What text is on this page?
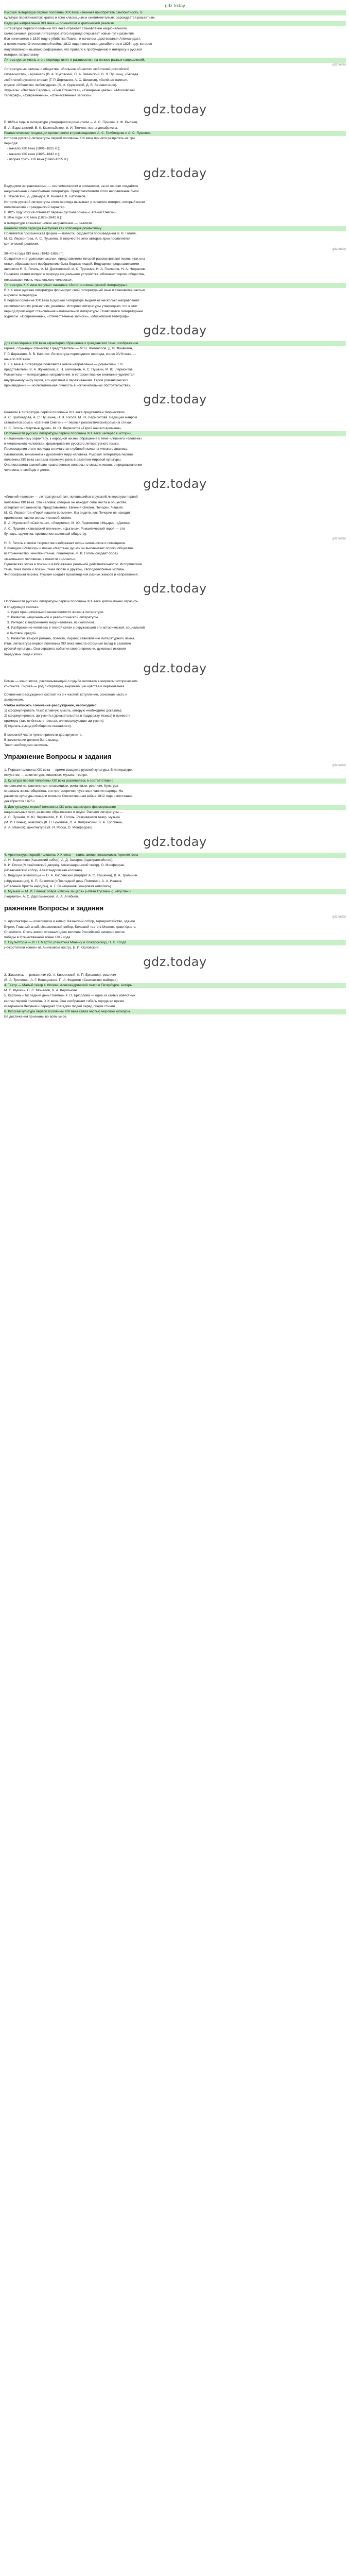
gdz.today
Русская литература первой половины XIX века начинает приобретать самобытность. В
культуре перекликается: кратко и ясно классицизм и сентиментализм, зарождается романтизм.
Ведущее направление XIX века — романтизм и критический реализм.
Литература первой половины XIX века отражает становление национального
самосознания; русская литература этого периода открывает новые пути развития.
Вся начинается в 1820 году с убийства Павла I и началом царствования Александра I,
а потом после Отечественной войны 1812 года и восстания декабристов в 1825 году, которое
подготовлено и вызвано реформами, что привело к пробуждению и интересу к русской
истории, патриотизму.
Литературная жизнь этого периода кипит и развивается, на основе разных направлений.
gdz.today
Литературные салоны и общества: «Вольное общество любителей российской
словесности», «Арзамас» (В. А. Жуковский, П. А. Вяземский, В. Л. Пушкин), «Беседа
любителей русского слова» (Г. Р. Державин, А. С. Шишков), «Зелёная лампа»,
кружок «Общество любомудров» (В. Ф. Одоевский, Д. В. Веневитинов).
Журналы: «Вестник Европы», «Сын Отечества», «Северные цветы», «Московский
телеграф», «Современник», «Отечественные записки».
gdz.today
В 1820-е годы в литературе утверждается романтизм — А. С. Пушкин, К. Ф. Рылеев,
Е. А. Баратынский, В. К. Кюхельбекер, Ф. И. Тютчев, поэты-декабристы.
Реалистические тенденции проявляются в произведениях А. С. Грибоедова и А. С. Пушкина.
История русской литературы первой половины XIX века принято разделять на три
периода:
- начало XIX века (1801–1825 гг.);
- начало XIX века (1825–1842 гг.);
- вторая треть XIX века (1842–1855 гг.).
gdz.today
Ведущими направлениями — сентиментализм и романтизм, на их основе создаётся
национальная и самобытная литература. Представителями этого направления были
В. Жуковский, Д. Давыдов, К. Рылеев, К. Батюшков.
История русской литературы этого периода вызывает у читателя интерес, который носит
политический и гражданский характер.
В 1825 году Россия отмечает первый русский роман «Евгений Онегин».
В 20-е годы XIX века (1826–1842 гг.):
в литературе возникает новое направление — реализм.
Реализм этого периода выступает как оппозиция романтизму.
Появляется прозаическая форма — повесть; создаются произведения Н. В. Гоголя,
М. Ю. Лермонтова, А. С. Пушкина. В творчестве этих авторов ярко проявляется
критический реализм.
gdz.today
30–40-е годы XIX века (1842–1855 гг.):
Создаётся «натуральная школа», представители которой рассматривают жизнь «как она
есть», обращаются к изображению быта бедных людей. Ведущими представителями
являются Н. В. Гоголь, Ф. М. Достоевский, И. С. Тургенев, И. А. Гончаров, Н. А. Некрасов.
Писатели ставят вопрос о природе социального устройства, обличают пороки общества,
показывают жизнь «маленького человека».
Литература XIX века получает название «Золотого века русской литературы».
В XIX веке русская литература формирует свой литературный язык и становится частью
мировой литературы.
В первой половине XIX века в русской литературе выделяют несколько направлений:
сентиментализм, романтизм, реализм. Историки литературы утверждают, что в этот
период происходит становление национальной литературы. Появляются литературные
журналы: «Современник», «Отечественные записки», «Московский телеграф».
gdz.today
Для классицизма XIX века характерно обращение к гражданской теме, изображение
героев, служащих отечеству. Представители — М. В. Ломоносов, Д. И. Фонвизин,
Г. Р. Державин, В. В. Капнист. Литература переходного периода, конец XVIII века —
начало XIX века.
В XIX веке в литературе появляется новое направление — романтизм. Его
представители: В. А. Жуковский, К. Н. Батюшков, А. С. Пушкин, М. Ю. Лермонтов.
Романтизм — литературное направление, в котором главное внимание уделяется
внутреннему миру героя, его чувствам и переживаниям. Герой романтических
произведений — исключительная личность в исключительных обстоятельствах.
gdz.today
Реализм в литературе первой половины XIX века представлен творчеством
А. С. Грибоедова, А. С. Пушкина, Н. В. Гоголя, М. Ю. Лермонтова. Ведущим жанром
становится роман. «Евгений Онегин» — первый реалистический роман в стихах.
Н. В. Гоголь «Мёртвые души», М. Ю. Лермонтов «Герой нашего времени».
Особенности русской литературы первой половины XIX века: интерес к истории,
к национальному характеру, к народной жизни; обращение к теме «лишнего человека»
и «маленького человека»; формирование русского литературного языка.
Произведения этого периода отличаются глубиной психологического анализа,
гуманизмом, вниманием к духовному миру человека. Русская литература первой
половины XIX века сыграла огромную роль в развитии мировой культуры.
Она поставила важнейшие нравственные вопросы: о смысле жизни, о предназначении
человека, о свободе и долге.
gdz.today
«Лишний человек» — литературный тип, появившийся в русской литературе первой
половины XIX века. Это человек, который не находит себе места в обществе,
отвергает его ценности. Представители: Евгений Онегин, Печорин, Чацкий.
М. Ю. Лермонтов «Герой нашего времени». Вы видите, как Печорин не находит
применения своим силам и способностям.
В. А. Жуковский «Светлана», «Людмила». М. Ю. Лермонтов «Мцыри», «Демон».
А. С. Пушкин «Кавказский пленник», «Цыганы». Романтический герой — это
бунтарь, одиночка, противопоставленный обществу.
gdz.today
Н. В. Гоголь в своём творчестве изображает жизнь чиновников и помещиков.
В комедии «Ревизор» и поэме «Мёртвые души» он высмеивает пороки общества:
взяточничество, чинопочитание, лицемерие. Н. В. Гоголь создаёт образ
«маленького человека» в повести «Шинель».
Пушкинская эпоха в поэзии и изображении реальной действительности. Историческая
тема, тема поэта и поэзии, тема любви и дружбы, свободолюбивые мотивы.
Философская лирика. Пушкин создаёт произведения разных жанров и направлений.
gdz.today
Особенности русской литературы первой половины XIX века кратко можно отразить
в следующих тезисах:
1. Идея принципиальной независимости жизни в литературе.
2. Развитие национальной и реалистической литературы.
3. Интерес к внутреннему миру человека, психологизм.
4. Изображение человека в тесной связи с окружающей его исторической, социальной
и бытовой средой.
5. Развитие жанров романа, повести, лирики; становление литературного языка.
Итак, литература первой половины XIX века внесла огромный вклад в развитие
русской культуры. Она отразила события своего времени, духовные искания
передовых людей эпохи.
gdz.today
Роман — жанр эпоса, рассказывающий о судьбе человека в широком историческом
контексте. Лирика — род литературы, выражающий чувства и переживания.
Сочинение-рассуждение состоит из 3-х частей: вступление, основная часть и
заключение.
Чтобы написать сочинение-рассуждение, необходимо:
1) сформулировать тезис (главную мысль, которую необходимо доказать);
2) сформулировать аргументы (доказательства в поддержку тезиса) и привести
примеры (заключённые в текстах, иллюстрирующие аргумент);
3) сделать вывод (обобщение сказанного).
В основной части нужно привести два аргумента.
В заключении должен быть вывод.
Текст необходимо написать.
Упражнение Вопросы и задания
gdz.today
1. Первая половина XIX века — время расцвета русской культуры. В литературе,
искусстве — архитектуре, живописи, музыке, театре.
2. Культура первой половины XIX века развивалась в соответствии с
основными направлениями: классицизм, романтизм, реализм. Культура
отражала жизнь общества, его противоречия, чувства и чаяния народа. На
развитие культуры оказали влияние Отечественная война 1812 года и восстание
декабристов 1825 г.
3. Для культуры первой половины XIX века характерно формирование
национальных черт, развитие образования и науки. Расцвет литературы —
А. С. Пушкин, М. Ю. Лермонтов, Н. В. Гоголь. Развиваются театр, музыка
(М. И. Глинка), живопись (К. П. Брюллов, О. А. Кипренский, В. А. Тропинин,
А. А. Иванов), архитектура (К. И. Росси, О. Монферран).
gdz.today
4. Архитектура первой половины XIX века — стиль ампир, классицизм. Архитекторы
А. Н. Воронихин (Казанский собор), А. Д. Захаров (Адмиралтейство),
К. И. Росси (Михайловский дворец, Александринский театр), О. Монферран
(Исаакиевский собор, Александровская колонна).
5. Ведущие живописцы — О. А. Кипренский (портрет А. С. Пушкина), В. А. Тропинин
(«Кружевница»), К. П. Брюллов («Последний день Помпеи»), А. А. Иванов
(«Явление Христа народу»), А. Г. Венецианов (жанровая живопись).
6. Музыка — М. И. Глинка: опера «Жизнь за царя» («Иван Сусанин»), «Руслан и
Людмила». А. С. Даргомыжский, А. А. Алябьев.
ражнение Вопросы и задания
gdz.today
1. Архитекторы — классицизм и ампир: Казанский собор, Адмиралтейство, здание
Биржи, Главный штаб, Исаакиевский собор, Большой театр в Москве, храм Христа
Спасителя. Стиль ампир отражал идею величия Российской империи после
победы в Отечественной войне 1812 года.
2. Скульпторы — И. П. Мартос (памятник Минину и Пожарскому), П. К. Клодт
(«Укротители коней» на Аничковом мосту), Б. И. Орловский.
gdz.today
3. Живопись — романтизм (О. А. Кипренский, К. П. Брюллов), реализм
(В. А. Тропинин, А. Г. Венецианов, П. А. Федотов «Сватовство майора»).
4. Театр — Малый театр в Москве, Александринский театр в Петербурге. Актёры:
М. С. Щепкин, П. С. Мочалов, В. А. Каратыгин.
5. Картина «Последний день Помпеи» К. П. Брюллова — одна из самых известных
картин первой половины XIX века. Она изображает гибель города во время
извержения Везувия и передаёт трагедию людей перед лицом стихии.
6. Русская культура первой половины XIX века стала частью мировой культуры.
Её достижения признаны во всём мире.
